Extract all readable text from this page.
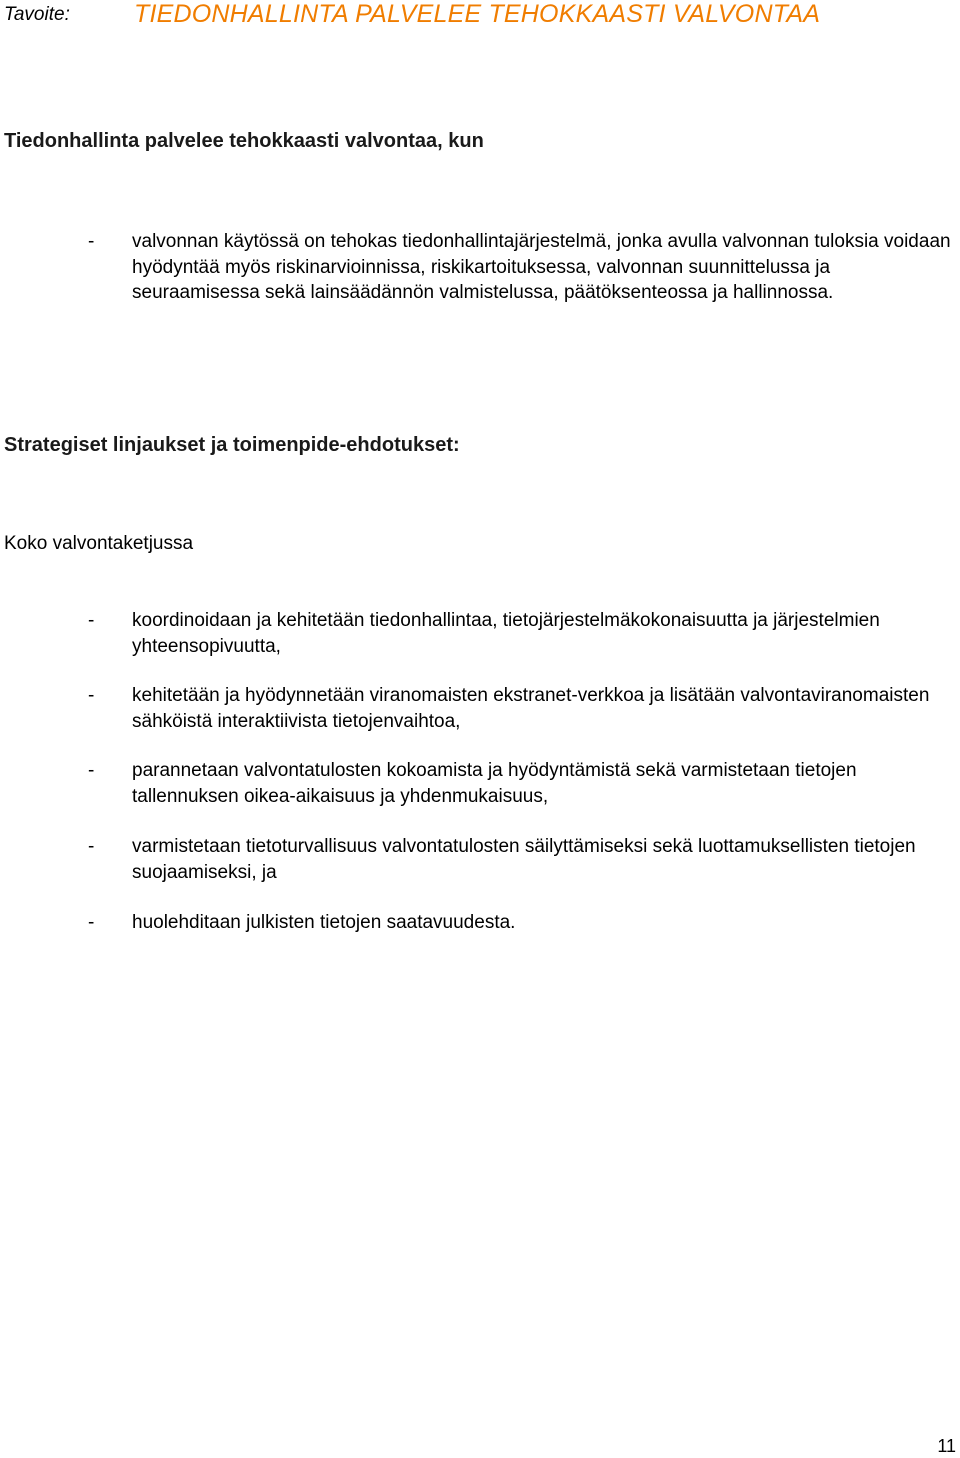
Tavoite:	TIEDONHALLINTA PALVELEE TEHOKKAASTI VALVONTAA
Tiedonhallinta palvelee tehokkaasti valvontaa, kun
- valvonnan käytössä on tehokas tiedonhallintajärjestelmä, jonka avulla valvonnan tuloksia voidaan hyödyntää myös riskinarvioinnissa, riskikartoituksessa, valvonnan suunnittelussa ja seuraamisessa sekä lainsäädännön valmistelussa, päätöksenteossa ja hallinnossa.
Strategiset linjaukset ja toimenpide-ehdotukset:
Koko valvontaketjussa
- koordinoidaan ja kehitetään tiedonhallintaa, tietojärjestelmäkokonaisuutta ja järjestelmien yhteensopivuutta,
- kehitetään ja hyödynnetään viranomaisten ekstranet-verkkoa ja lisätään valvontaviranomaisten sähköistä interaktiivista tietojenvaihtoa,
- parannetaan valvontatulosten kokoamista ja hyödyntämistä sekä varmistetaan tietojen tallennuksen oikea-aikaisuus ja yhdenmukaisuus,
- varmistetaan tietoturvallisuus valvontatulosten säilyttämiseksi sekä luottamuksellisten tietojen suojaamiseksi, ja
- huolehditaan julkisten tietojen saatavuudesta.
11
